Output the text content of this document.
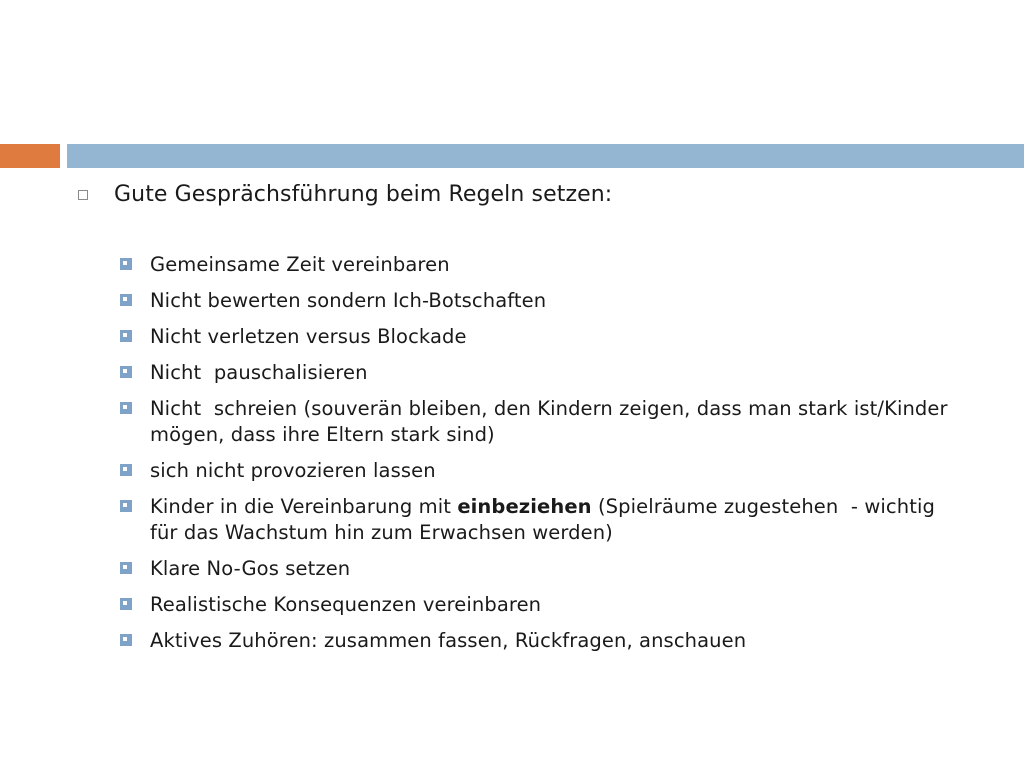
Gute Gesprächsführung beim Regeln setzen:
Gemeinsame Zeit vereinbaren
Nicht bewerten sondern Ich-Botschaften
Nicht verletzen versus Blockade
Nicht  pauschalisieren
Nicht  schreien (souverän bleiben, den Kindern zeigen, dass man stark ist/Kinder mögen, dass ihre Eltern stark sind)
sich nicht provozieren lassen
Kinder in die Vereinbarung mit einbeziehen (Spielräume zugestehen  - wichtig für das Wachstum hin zum Erwachsen werden)
Klare No-Gos setzen
Realistische Konsequenzen vereinbaren
Aktives Zuhören: zusammen fassen, Rückfragen, anschauen
